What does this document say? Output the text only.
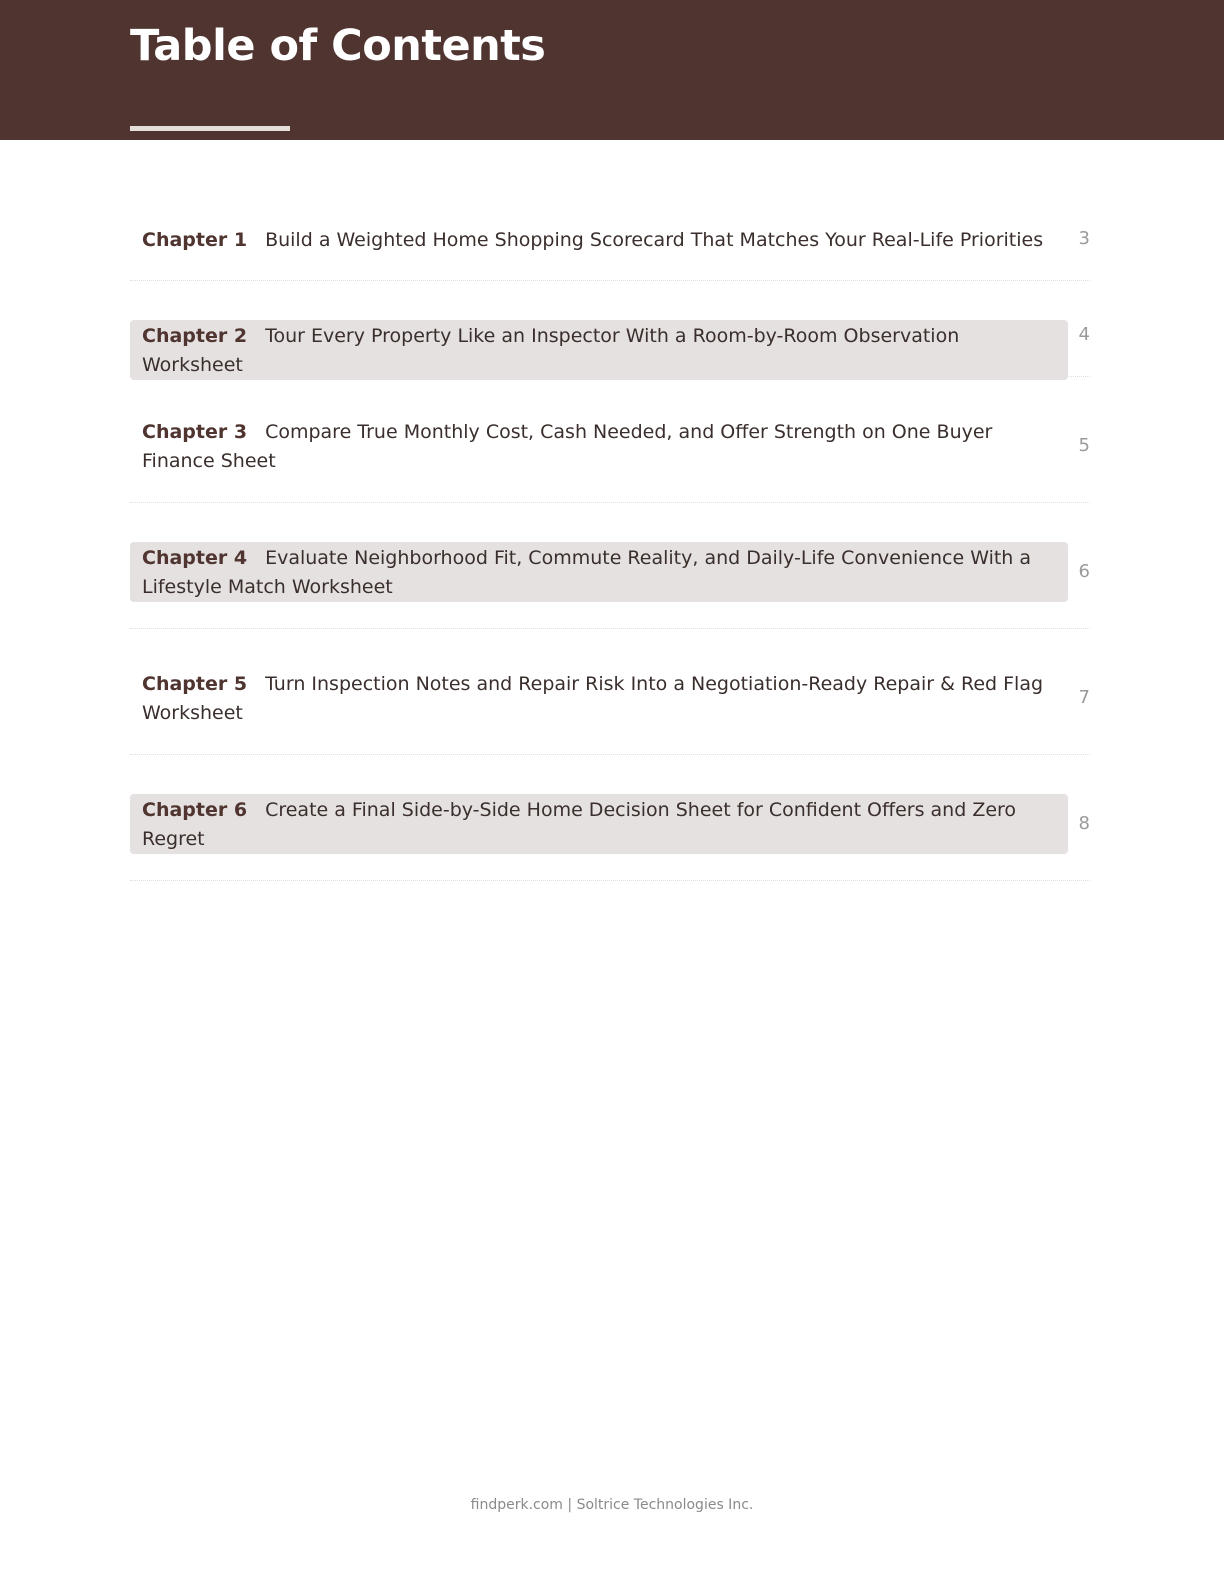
Table of Contents
Chapter 1 Build a Weighted Home Shopping Scorecard That Matches Your Real-Life Priorities	3
Chapter 2 Tour Every Property Like an Inspector With a Room-by-Room Observation Worksheet
4
Chapter 3 Compare True Monthly Cost, Cash Needed, and Offer Strength on One Buyer Finance Sheet
5
Chapter 4 Evaluate Neighborhood Fit, Commute Reality, and Daily-Life Convenience With a Lifestyle Match Worksheet
6
Chapter 5 Turn Inspection Notes and Repair Risk Into a Negotiation-Ready Repair & Red Flag Worksheet
7
Chapter 6 Create a Final Side-by-Side Home Decision Sheet for Confident Offers and Zero Regret
8
findperk.com | Soltrice Technologies Inc.
